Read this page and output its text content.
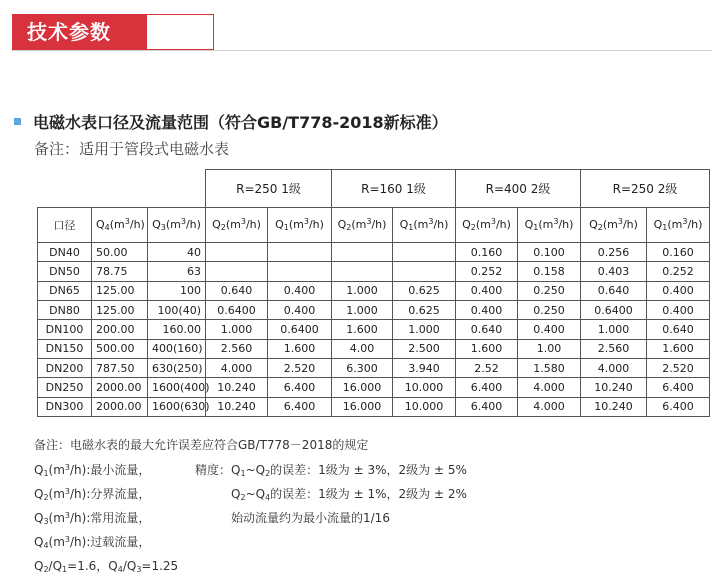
技术参数
电磁水表口径及流量范围（符合GB/T778-2018新标准）
备注：适用于管段式电磁水表
			R=250 1级		R=160 1级		R=400 2级		R=250 2级	
口径	$Q_4(m^3/h)$	$Q_3(m^3/h)$	$Q_2(m^3/h)$	$Q_1(m^3/h)$	$Q_2(m^3/h)$	$Q_1(m^3/h)$	$Q_2(m^3/h)$	$Q_1(m^3/h)$	$Q_2(m^3/h)$	$Q_1(m^3/h)$
DN40	50.00	40					0.160	0.100	0.256	0.160
DN50	78.75	63					0.252	0.158	0.403	0.252
DN65	125.00	100	0.640	0.400	1.000	0.625	0.400	0.250	0.640	0.400
DN80	125.00	100(40)	0.6400	0.400	1.000	0.625	0.400	0.250	0.6400	0.400
DN100	200.00	160.00	1.000	0.6400	1.600	1.000	0.640	0.400	1.000	0.640
DN150	500.00	400(160)	2.560	1.600	4.00	2.500	1.600	1.00	2.560	1.600
DN200	787.50	630(250)	4.000	2.520	6.300	3.940	2.52	1.580	4.000	2.520
DN250	2000.00	1600(400)	10.240	6.400	16.000	10.000	6.400	4.000	10.240	6.400
DN300	2000.00	1600(630)	10.240	6.400	16.000	10.000	6.400	4.000	10.240	6.400
备注：电磁水表的最大允许误差应符合GB/T778－2018的规定
$Q_1(m^3/h)$:最小流量，	精度：$Q_1\sim Q_2$的误差：1级为 ± 3%，2级为 ± 5%
$Q_2(m^3/h)$:分界流量，	$Q_2\sim Q_4$的误差：1级为 ± 1%，2级为 ± 2%
$Q_3(m^3/h)$:常用流量，	始动流量约为最小流量的1/16
$Q_4(m^3/h)$:过载流量，
$Q_2/Q_1=1.6$，$Q_4/Q_3=1.25$
